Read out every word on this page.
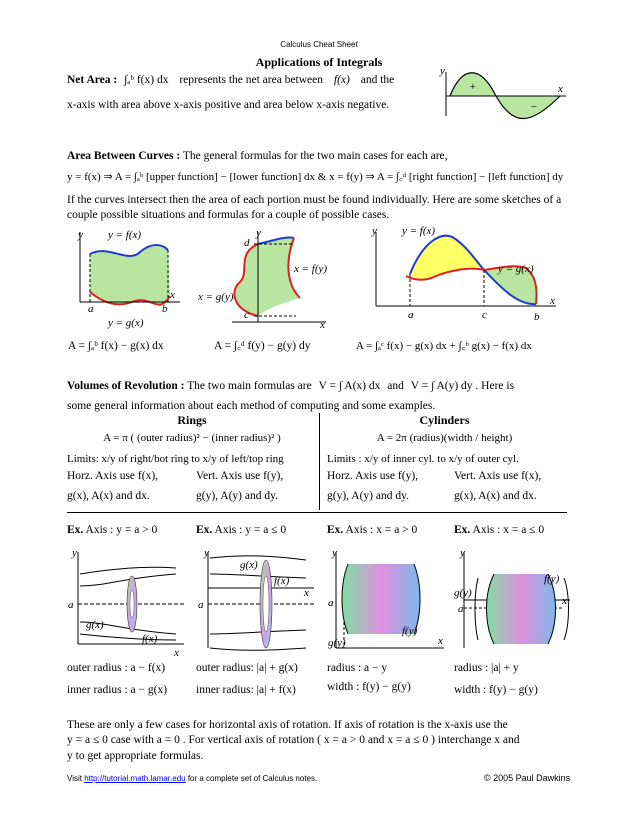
Calculus Cheat Sheet
Applications of Integrals
Net Area : ∫ₐᵇ f(x) dx represents the net area between f(x) and the
x-axis with area above x-axis positive and area below x-axis negative.
y
x
+
−
Area Between Curves : The general formulas for the two main cases for each are,
y = f(x) ⇒ A = ∫ₐᵇ [upper function] − [lower function] dx & x = f(y) ⇒ A = ∫꜀ᵈ [right function] − [left function] dy
If the curves intersect then the area of each portion must be found individually. Here are some sketches of a couple possible situations and formulas for a couple of possible cases.
y y = f(x)
a	b
x
y = g(x)
A = ∫ₐᵇ f(x) − g(x) dx
y
d
c
x = f(y)
x = g(y)
x
A = ∫꜀ᵈ f(y) − g(y) dy
y y = f(x)
y = g(x)
a	c	b
x
A = ∫ₐᶜ f(x) − g(x) dx + ∫꜀ᵇ g(x) − f(x) dx
Volumes of Revolution : The two main formulas are V = ∫ A(x) dx and V = ∫ A(y) dy . Here is
some general information about each method of computing and some examples.
Rings	Cylinders
A = π ( (outer radius)² − (inner radius)² )	A = 2π (radius)(width / height)
Limits: x/y of right/bot ring to x/y of left/top ring	Limits : x/y of inner cyl. to x/y of outer cyl.
Horz. Axis use f(x),	Vert. Axis use f(y),	Horz. Axis use f(y),	Vert. Axis use f(x),
g(x), A(x) and dx.	g(y), A(y) and dy.	g(y), A(y) and dy.	g(x), A(x) and dx.
Ex. Axis : y = a > 0	Ex. Axis : y = a ≤ 0	Ex. Axis : x = a > 0	Ex. Axis : x = a ≤ 0
y
a
g(x)
f(x)
x
y
a
g(x)
f(x)
x
y
a
f(y)
g(y)	x
y
g(y)
a
f(y)
x
outer radius : a − f(x)	outer radius: |a| + g(x)	radius : a − y	radius : |a| + y
inner radius : a − g(x)	inner radius: |a| + f(x)	width : f(y) − g(y)	width : f(y) − g(y)
These are only a few cases for horizontal axis of rotation. If axis of rotation is the x-axis use the
y = a ≤ 0 case with a = 0 . For vertical axis of rotation ( x = a > 0 and x = a ≤ 0 ) interchange x and
y to get appropriate formulas.
Visit http://tutorial.math.lamar.edu for a complete set of Calculus notes.	© 2005 Paul Dawkins
